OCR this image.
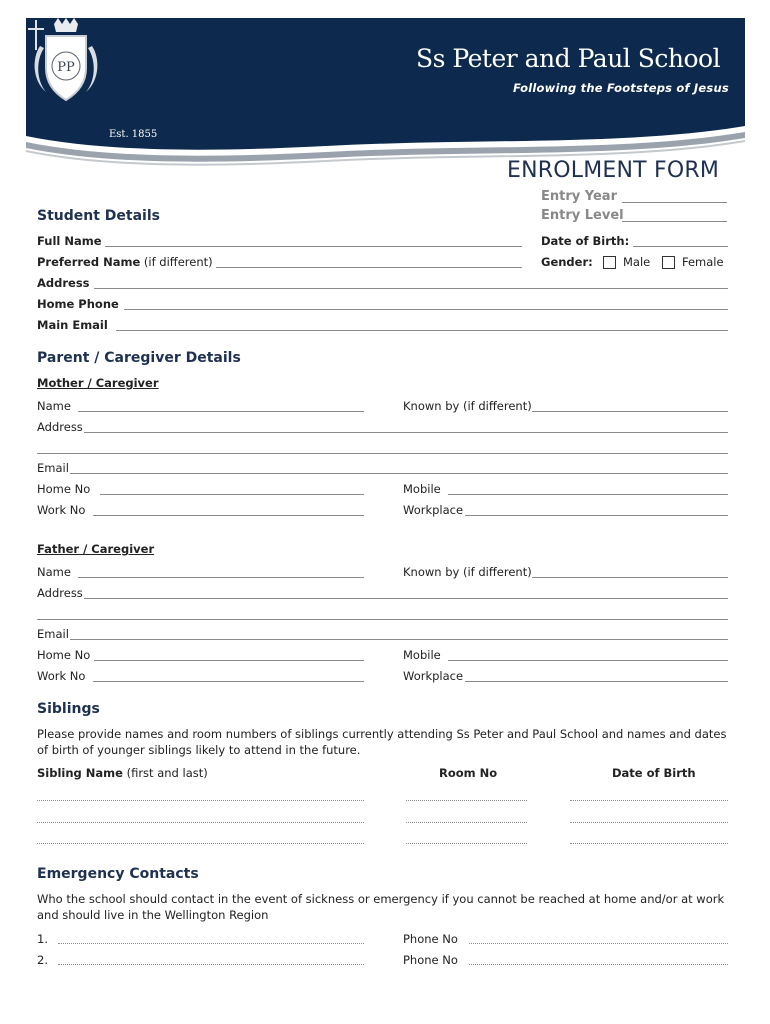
PP
Est. 1855
Ss Peter and Paul School
Following the Footsteps of Jesus
ENROLMENT FORM
Entry Year
Entry Level
Student Details
Full Name	Date of Birth:
Preferred Name (if different)	Gender:	Male	Female
Address
Home Phone
Main Email
Parent / Caregiver Details
Mother / Caregiver
Name	Known by (if different)
Address
Email
Home No	Mobile
Work No	Workplace
Father / Caregiver
Name	Known by (if different)
Address
Email
Home No	Mobile
Work No	Workplace
Siblings
Please provide names and room numbers of siblings currently attending Ss Peter and Paul School and names and dates of birth of younger siblings likely to attend in the future.
Sibling Name (first and last)	Room No	Date of Birth
Emergency Contacts
Who the school should contact in the event of sickness or emergency if you cannot be reached at home and/or at work and should live in the Wellington Region
1.	Phone No
2.	Phone No
